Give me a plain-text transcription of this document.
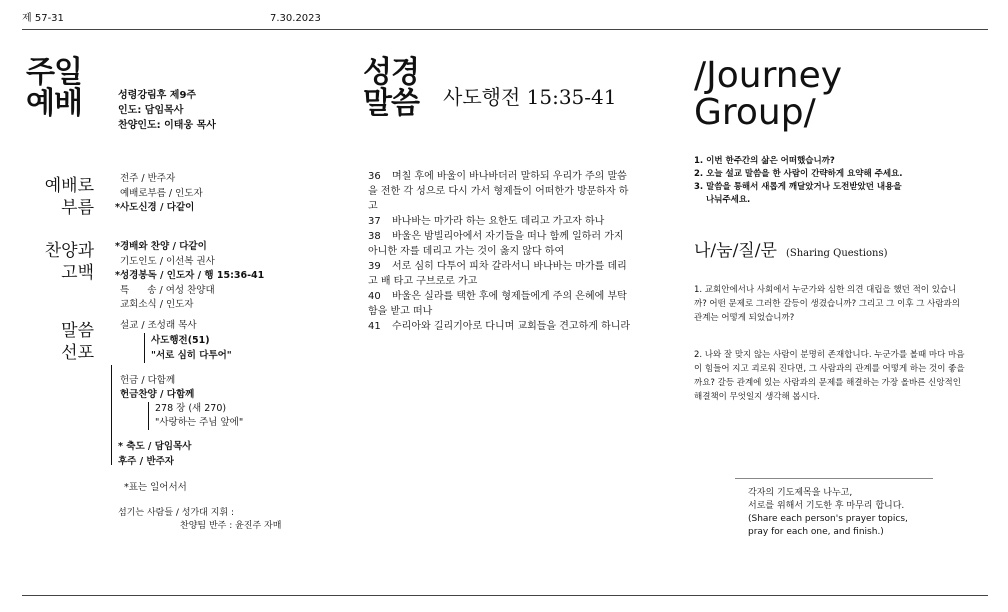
제 57-31	7.30.2023
주일
예배	성령강림후 제9주
인도: 담임목사
찬양인도: 이태웅 목사
예배로
부름
전주 / 반주자
예배로부름 / 인도자
*사도신경 / 다같이
찬양과
고백
*경배와 찬양 / 다같이
기도인도 / 이선복 권사
*성경봉독 / 인도자 / 행 15:36-41
특      송 / 여성 찬양대
교회소식 / 인도자
말씀
선포
설교 / 조성래 목사
사도행전(51)
"서로 심히 다투어"
헌금 / 다함께
헌금찬양 / 다함께
278 장 (새 270)
"사랑하는 주님 앞에"
* 축도 / 담임목사
후주 / 반주자
*표는 일어서서
섬기는 사람들 / 성가대 지휘 :
찬양팀 반주 : 윤진주 자매
성경
말씀 사도행전 15:35-41
36 며칠 후에 바울이 바나바더러 말하되 우리가 주의 말씀을 전한 각 성으로 다시 가서 형제들이 어떠한가 방문하자 하고
37 바나바는 마가라 하는 요한도 데리고 가고자 하나
38 바울은 밤빌리아에서 자기들을 떠나 함께 일하러 가지 아니한 자를 데리고 가는 것이 옳지 않다 하여
39 서로 심히 다투어 피차 갈라서니 바나바는 마가를 데리고 배 타고 구브로로 가고
40 바울은 실라를 택한 후에 형제들에게 주의 은혜에 부탁함을 받고 떠나
41 수리아와 길리기아로 다니며 교회들을 견고하게 하니라
/Journey
Group/
1. 이번 한주간의 삶은 어떠했습니까?
2. 오늘 설교 말씀을 한 사람이 간략하게 요약해 주세요.
3. 말씀을 통해서 새롭게 깨달았거나 도전받았던 내용을
나눠주세요.
나/눔/질/문 (Sharing Questions)
1. 교회안에서나 사회에서 누군가와 심한 의견 대립을 했던 적이 있습니까? 어떤 문제로 그러한 갈등이 생겼습니까? 그리고 그 이후 그 사람과의 관계는 어떻게 되었습니까?
2. 나와 잘 맞지 않는 사람이 분명히 존재합니다. 누군가를 볼때 마다 마음이 힘들어 지고 괴로워 진다면, 그 사람과의 관계를 어떻게 하는 것이 좋을까요? 갈등 관계에 있는 사람과의 문제를 해결하는 가장 올바른 신앙적인 해결책이 무엇일지 생각해 봅시다.
각자의 기도제목을 나누고,
서로를 위해서 기도한 후 마무리 합니다.
(Share each person's prayer topics,
pray for each one, and finish.)
